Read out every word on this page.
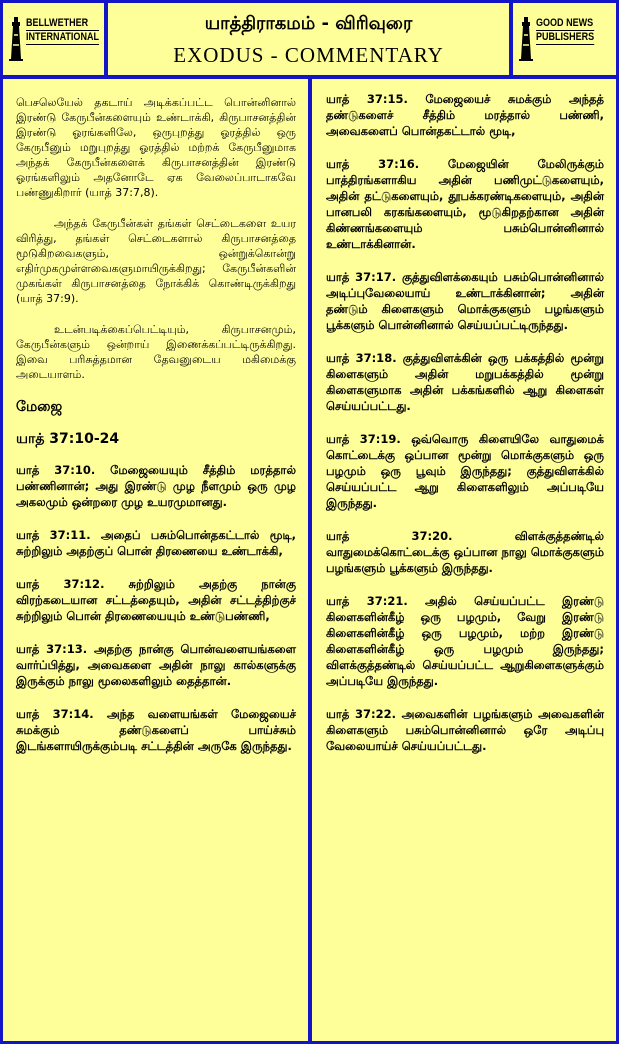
BELLWETHER
INTERNATIONAL
யாத்திராகமம் - விரிவுரை
EXODUS - COMMENTARY
GOOD NEWS
PUBLISHERS

பெசலெயேல் தகடாய் அடிக்கப்பட்ட பொன்னினால் இரண்டு கேருபீன்களையும் உண்டாக்கி, கிருபாசனத்தின் இரண்டு ஓரங்களிலே, ஒருபுறத்து ஓரத்தில் ஒரு கேருபீனும் மறுபுறத்து ஓரத்தில் மற்றக் கேருபீனுமாக அந்தக் கேருபீன்களைக் கிருபாசனத்தின் இரண்டு ஓரங்களிலும் அதனோடே ஏக வேலைப்பாடாகவே பண்ணுகிறார் (யாத் 37:7,8).

அந்தக் கேருபீன்கள் தங்கள் செட்டைகளை உயர விரித்து, தங்கள் செட்டைகளால் கிருபாசனத்தை மூடுகிறவைகளும், ஒன்றுக்கொன்று எதிர்முகமுள்ளவைகளுமாயிருக்கிறது; கேருபீன்களின் முகங்கள் கிருபாசனத்தை நோக்கிக் கொண்டிருக்கிறது (யாத் 37:9).

உடன்படிக்கைப்பெட்டியும், கிருபாசனமும், கேருபீன்களும் ஒன்றாய் இணைக்கப்பட்டிருக்கிறது. இவை பரிசுத்தமான தேவனுடைய மகிமைக்கு அடையாளம்.

மேஜை
யாத் 37:10-24

யாத் 37:10. மேஜையையும் சீத்திம் மரத்தால் பண்ணினான்; அது இரண்டு முழ நீளமும் ஒரு முழ அகலமும் ஒன்றரை முழ உயரமுமானது.

யாத் 37:11. அதைப் பசும்பொன்தகட்டால் மூடி, சுற்றிலும் அதற்குப் பொன் திரணையை உண்டாக்கி,

யாத் 37:12. சுற்றிலும் அதற்கு நான்கு விரற்கடையான சட்டத்தையும், அதின் சட்டத்திற்குச் சுற்றிலும் பொன் திரணையையும் உண்டுபண்ணி,

யாத் 37:13. அதற்கு நான்கு பொன்வளையங்களை வார்ப்பித்து, அவைகளை அதின் நாலு கால்களுக்கு இருக்கும் நாலு மூலைகளிலும் தைத்தான்.

யாத் 37:14. அந்த வளையங்கள் மேஜையைச் சுமக்கும் தண்டுகளைப் பாய்ச்சும் இடங்களாயிருக்கும்படி சட்டத்தின் அருகே இருந்தது.

யாத் 37:15. மேஜையைச் சுமக்கும் அந்தத் தண்டுகளைச் சீத்திம் மரத்தால் பண்ணி, அவைகளைப் பொன்தகட்டால் மூடி,

யாத் 37:16. மேஜையின் மேலிருக்கும் பாத்திரங்களாகிய அதின் பணிமுட்டுகளையும், அதின் தட்டுகளையும், தூபக்கரண்டிகளையும், அதின் பானபலி கரகங்களையும், மூடுகிறதற்கான அதின் கிண்ணங்களையும் பசும்பொன்னினால் உண்டாக்கினான்.

யாத் 37:17. குத்துவிளக்கையும் பசும்பொன்னினால் அடிப்புவேலையாய் உண்டாக்கினான்; அதின் தண்டும் கிளைகளும் மொக்குகளும் பழங்களும் பூக்களும் பொன்னினால் செய்யப்பட்டிருந்தது.

யாத் 37:18. குத்துவிளக்கின் ஒரு பக்கத்தில் மூன்று கிளைகளும் அதின் மறுபக்கத்தில் மூன்று கிளைகளுமாக அதின் பக்கங்களில் ஆறு கிளைகள் செய்யப்பட்டது.

யாத் 37:19. ஒவ்வொரு கிளையிலே வாதுமைக் கொட்டைக்கு ஒப்பான மூன்று மொக்குகளும் ஒரு பழமும் ஒரு பூவும் இருந்தது; குத்துவிளக்கில் செய்யப்பட்ட ஆறு கிளைகளிலும் அப்படியே இருந்தது.

யாத் 37:20. விளக்குத்தண்டில் வாதுமைக்கொட்டைக்கு ஒப்பான நாலு மொக்குகளும் பழங்களும் பூக்களும் இருந்தது.

யாத் 37:21. அதில் செய்யப்பட்ட இரண்டு கிளைகளின்கீழ் ஒரு பழமும், வேறு இரண்டு கிளைகளின்கீழ் ஒரு பழமும், மற்ற இரண்டு கிளைகளின்கீழ் ஒரு பழமும் இருந்தது; விளக்குத்தண்டில் செய்யப்பட்ட ஆறுகிளைகளுக்கும் அப்படியே இருந்தது.

யாத் 37:22. அவைகளின் பழங்களும் அவைகளின் கிளைகளும் பசும்பொன்னினால் ஒரே அடிப்பு வேலையாய்ச் செய்யப்பட்டது.
